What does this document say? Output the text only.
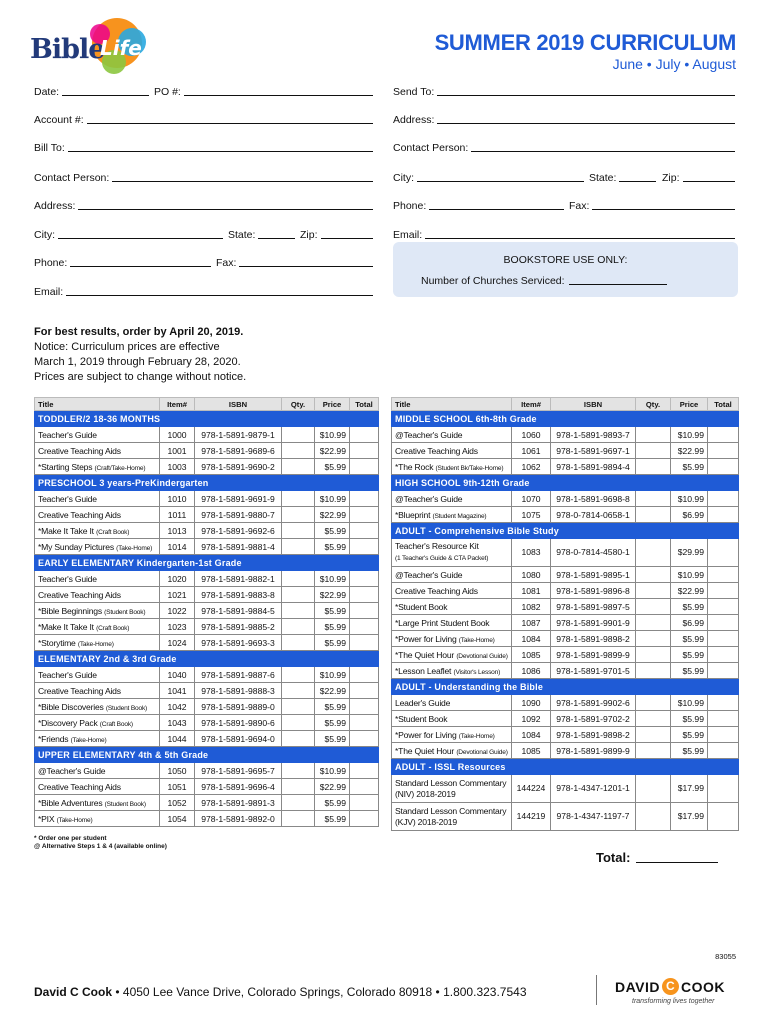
Bible
Life	SUMMER 2019 CURRICULUM
June • July • August
Date:	PO #:
Account #:
Bill To:
Contact Person:
Address:
City:	State:	Zip:
Phone:	Fax:
Email:
Send To:
Address:
Contact Person:
City:	State:	Zip:
Phone:	Fax:
Email:
BOOKSTORE USE ONLY:
Number of Churches Serviced:
For best results, order by April 20, 2019.
Notice: Curriculum prices are effective
March 1, 2019 through February 28, 2020.
Prices are subject to change without notice.
Title	Item#	ISBN	Qty.	Price	Total
TODDLER/2 18-36 MONTHS					
Teacher's Guide	1000	978-1-5891-9879-1		$10.99	
Creative Teaching Aids	1001	978-1-5891-9689-6		$22.99	
*Starting Steps (Craft/Take-Home)	1003	978-1-5891-9690-2		$5.99	
PRESCHOOL 3 years-PreKindergarten					
Teacher's Guide	1010	978-1-5891-9691-9		$10.99	
Creative Teaching Aids	1011	978-1-5891-9880-7		$22.99	
*Make It Take It (Craft Book)	1013	978-1-5891-9692-6		$5.99	
*My Sunday Pictures (Take-Home)	1014	978-1-5891-9881-4		$5.99	
EARLY ELEMENTARY Kindergarten-1st Grade					
Teacher's Guide	1020	978-1-5891-9882-1		$10.99	
Creative Teaching Aids	1021	978-1-5891-9883-8		$22.99	
*Bible Beginnings (Student Book)	1022	978-1-5891-9884-5		$5.99	
*Make It Take It (Craft Book)	1023	978-1-5891-9885-2		$5.99	
*Storytime (Take-Home)	1024	978-1-5891-9693-3		$5.99	
ELEMENTARY 2nd & 3rd Grade					
Teacher's Guide	1040	978-1-5891-9887-6		$10.99	
Creative Teaching Aids	1041	978-1-5891-9888-3		$22.99	
*Bible Discoveries (Student Book)	1042	978-1-5891-9889-0		$5.99	
*Discovery Pack (Craft Book)	1043	978-1-5891-9890-6		$5.99	
*Friends (Take-Home)	1044	978-1-5891-9694-0		$5.99	
UPPER ELEMENTARY 4th & 5th Grade					
@Teacher's Guide	1050	978-1-5891-9695-7		$10.99	
Creative Teaching Aids	1051	978-1-5891-9696-4		$22.99	
*Bible Adventures (Student Book)	1052	978-1-5891-9891-3		$5.99	
*PIX (Take-Home)	1054	978-1-5891-9892-0		$5.99	
Title	Item#	ISBN	Qty.	Price	Total
MIDDLE SCHOOL 6th-8th Grade					
@Teacher's Guide	1060	978-1-5891-9893-7		$10.99	
Creative Teaching Aids	1061	978-1-5891-9697-1		$22.99	
*The Rock (Student Bk/Take-Home)	1062	978-1-5891-9894-4		$5.99	
HIGH SCHOOL 9th-12th Grade					
@Teacher's Guide	1070	978-1-5891-9698-8		$10.99	
*Blueprint (Student Magazine)	1075	978-0-7814-0658-1		$6.99	
ADULT - Comprehensive Bible Study					
Teacher's Resource Kit
(1 Teacher's Guide & CTA Packet)	1083	978-0-7814-4580-1		$29.99	
@Teacher's Guide	1080	978-1-5891-9895-1		$10.99	
Creative Teaching Aids	1081	978-1-5891-9896-8		$22.99	
*Student Book	1082	978-1-5891-9897-5		$5.99	
*Large Print Student Book	1087	978-1-5891-9901-9		$6.99	
*Power for Living (Take-Home)	1084	978-1-5891-9898-2		$5.99	
*The Quiet Hour (Devotional Guide)	1085	978-1-5891-9899-9		$5.99	
*Lesson Leaflet (Visitor's Lesson)	1086	978-1-5891-9701-5		$5.99	
ADULT - Understanding the Bible					
Leader's Guide	1090	978-1-5891-9902-6		$10.99	
*Student Book	1092	978-1-5891-9702-2		$5.99	
*Power for Living (Take-Home)	1084	978-1-5891-9898-2		$5.99	
*The Quiet Hour (Devotional Guide)	1085	978-1-5891-9899-9		$5.99	
ADULT - ISSL Resources					
Standard Lesson Commentary
(NIV) 2018-2019	144224	978-1-4347-1201-1		$17.99	
Standard Lesson Commentary
(KJV) 2018-2019	144219	978-1-4347-1197-7		$17.99	
* Order one per student
@ Alternative Steps 1 & 4 (available online)
Total:
83055
David C Cook • 4050 Lee Vance Drive, Colorado Springs, Colorado 80918 • 1.800.323.7543	DAVID C COOK
transforming lives together
